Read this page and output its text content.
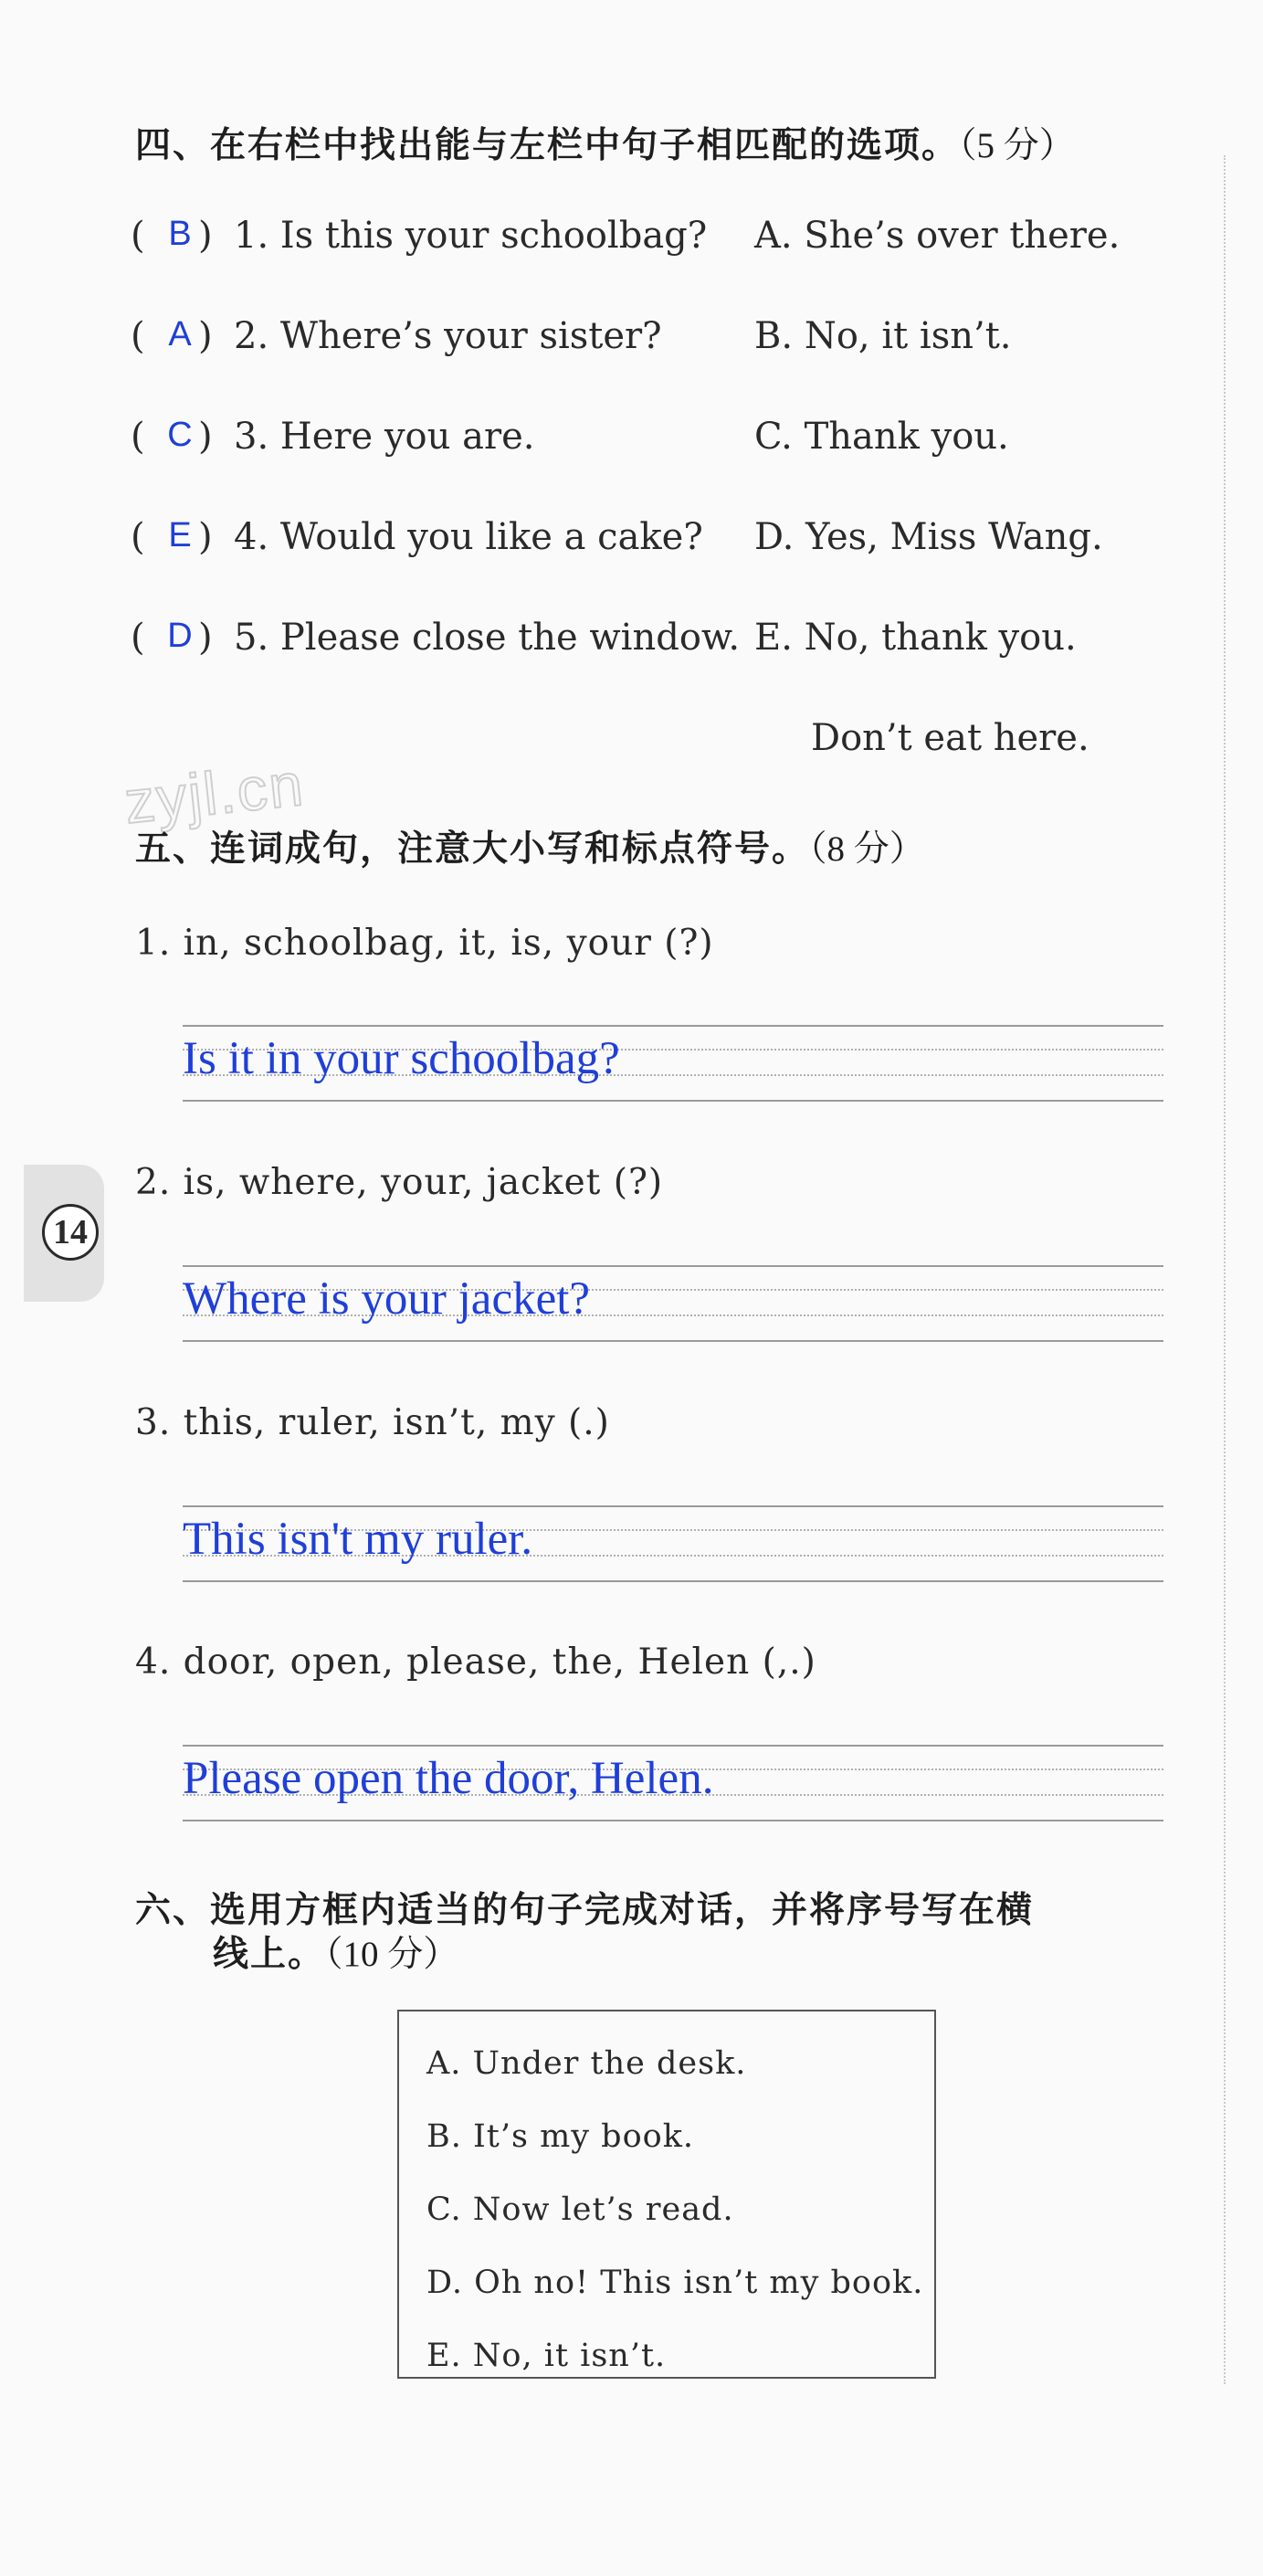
14
zyjl.cn
四、在右栏中找出能与左栏中句子相匹配的选项。（5 分）
( B ) 1. Is this your schoolbag? A. She’s over there.
( A ) 2. Where’s your sister?	B. No, it isn’t.
( C ) 3. Here you are.	C. Thank you.
( E ) 4. Would you like a cake? D. Yes, Miss Wang.
( D ) 5. Please close the window. E. No, thank you.
Don’t eat here.
五、连词成句，注意大小写和标点符号。（8 分）
1. in, schoolbag, it, is, your (?)
Is it in your schoolbag?
2. is, where, your, jacket (?)
Where is your jacket?
3. this, ruler, isn’t, my (.)
This isn't my ruler.
4. door, open, please, the, Helen (,.)
Please open the door, Helen.
六、选用方框内适当的句子完成对话，并将序号写在横
线上。（10 分）
A. Under the desk.
B. It’s my book.
C. Now let’s read.
D. Oh no! This isn’t my book.
E. No, it isn’t.
